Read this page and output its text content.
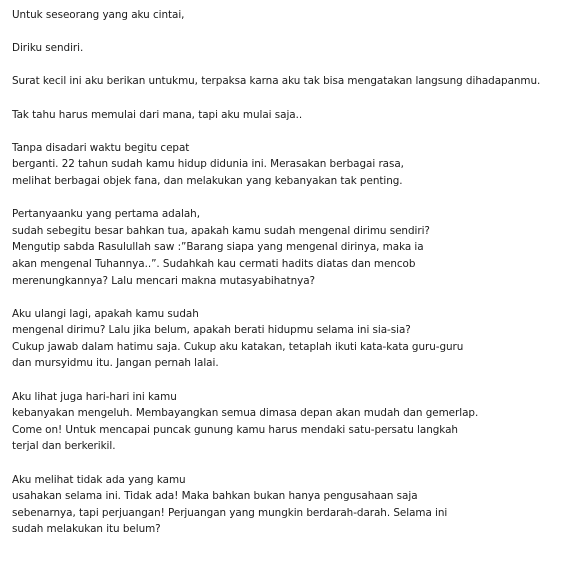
Untuk seseorang yang aku cintai,
Diriku sendiri.
Surat kecil ini aku berikan untukmu, terpaksa karna aku tak bisa mengatakan langsung dihadapanmu.
Tak tahu harus memulai dari mana, tapi aku mulai saja..
Tanpa disadari waktu begitu cepat
berganti. 22 tahun sudah kamu hidup didunia ini. Merasakan berbagai rasa,
melihat berbagai objek fana, dan melakukan yang kebanyakan tak penting.
Pertanyaanku yang pertama adalah,
sudah sebegitu besar bahkan tua, apakah kamu sudah mengenal dirimu sendiri?
Mengutip sabda Rasulullah saw :”Barang siapa yang mengenal dirinya, maka ia
akan mengenal Tuhannya..”. Sudahkah kau cermati hadits diatas dan mencob
merenungkannya? Lalu mencari makna mutasyabihatnya?
Aku ulangi lagi, apakah kamu sudah
mengenal dirimu? Lalu jika belum, apakah berati hidupmu selama ini sia-sia?
Cukup jawab dalam hatimu saja. Cukup aku katakan, tetaplah ikuti kata-kata guru-guru
dan mursyidmu itu. Jangan pernah lalai.
Aku lihat juga hari-hari ini kamu
kebanyakan mengeluh. Membayangkan semua dimasa depan akan mudah dan gemerlap.
Come on! Untuk mencapai puncak gunung kamu harus mendaki satu-persatu langkah
terjal dan berkerikil.
Aku melihat tidak ada yang kamu
usahakan selama ini. Tidak ada! Maka bahkan bukan hanya pengusahaan saja
sebenarnya, tapi perjuangan! Perjuangan yang mungkin berdarah-darah. Selama ini
sudah melakukan itu belum?
